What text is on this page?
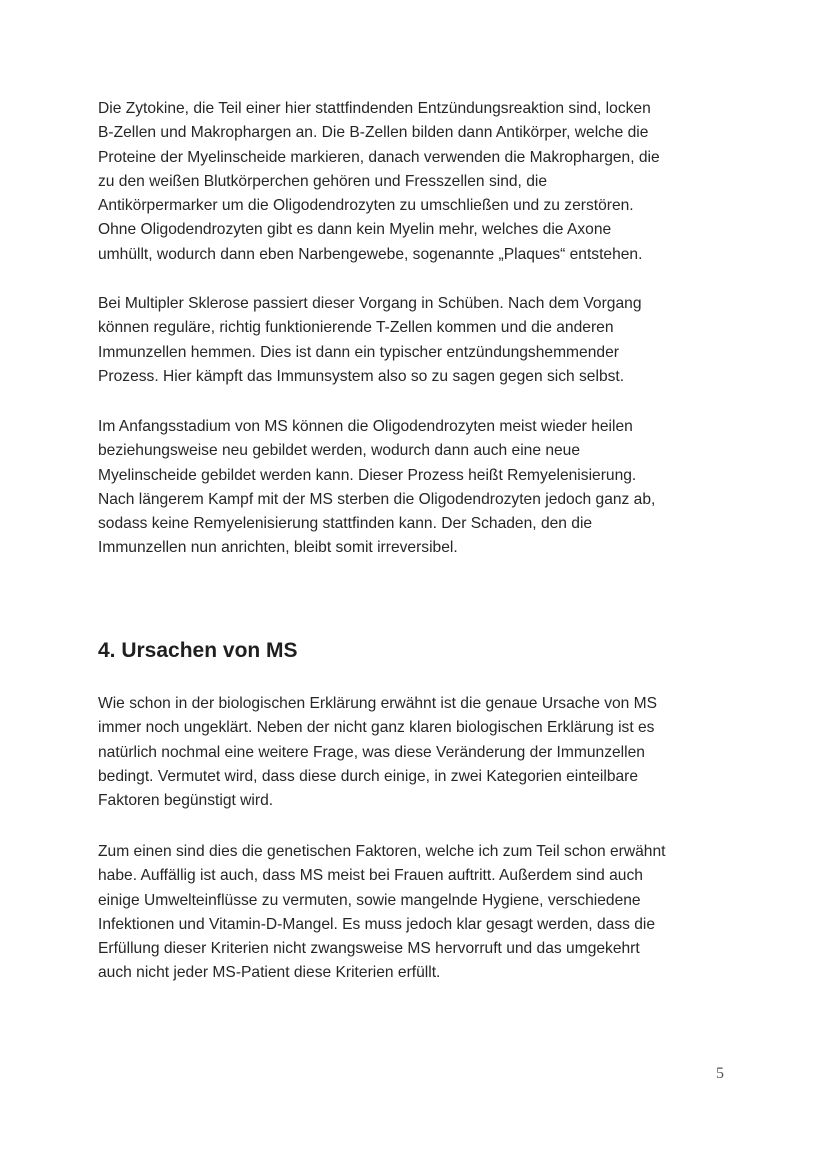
Die Zytokine, die Teil einer hier stattfindenden Entzündungsreaktion sind, locken
B-Zellen und Makrophargen an. Die B-Zellen bilden dann Antikörper, welche die
Proteine der Myelinscheide markieren, danach verwenden die Makrophargen, die
zu den weißen Blutkörperchen gehören und Fresszellen sind, die
Antikörpermarker um die Oligodendrozyten zu umschließen und zu zerstören.
Ohne Oligodendrozyten gibt es dann kein Myelin mehr, welches die Axone
umhüllt, wodurch dann eben Narbengewebe, sogenannte „Plaques“ entstehen.

Bei Multipler Sklerose passiert dieser Vorgang in Schüben. Nach dem Vorgang
können reguläre, richtig funktionierende T-Zellen kommen und die anderen
Immunzellen hemmen. Dies ist dann ein typischer entzündungshemmender
Prozess. Hier kämpft das Immunsystem also so zu sagen gegen sich selbst.

Im Anfangsstadium von MS können die Oligodendrozyten meist wieder heilen
beziehungsweise neu gebildet werden, wodurch dann auch eine neue
Myelinscheide gebildet werden kann. Dieser Prozess heißt Remyelenisierung.
Nach längerem Kampf mit der MS sterben die Oligodendrozyten jedoch ganz ab,
sodass keine Remyelenisierung stattfinden kann. Der Schaden, den die
Immunzellen nun anrichten, bleibt somit irreversibel.

4. Ursachen von MS

Wie schon in der biologischen Erklärung erwähnt ist die genaue Ursache von MS
immer noch ungeklärt. Neben der nicht ganz klaren biologischen Erklärung ist es
natürlich nochmal eine weitere Frage, was diese Veränderung der Immunzellen
bedingt. Vermutet wird, dass diese durch einige, in zwei Kategorien einteilbare
Faktoren begünstigt wird.

Zum einen sind dies die genetischen Faktoren, welche ich zum Teil schon erwähnt
habe. Auffällig ist auch, dass MS meist bei Frauen auftritt. Außerdem sind auch
einige Umwelteinflüsse zu vermuten, sowie mangelnde Hygiene, verschiedene
Infektionen und Vitamin-D-Mangel. Es muss jedoch klar gesagt werden, dass die
Erfüllung dieser Kriterien nicht zwangsweise MS hervorruft und das umgekehrt
auch nicht jeder MS-Patient diese Kriterien erfüllt.

5
